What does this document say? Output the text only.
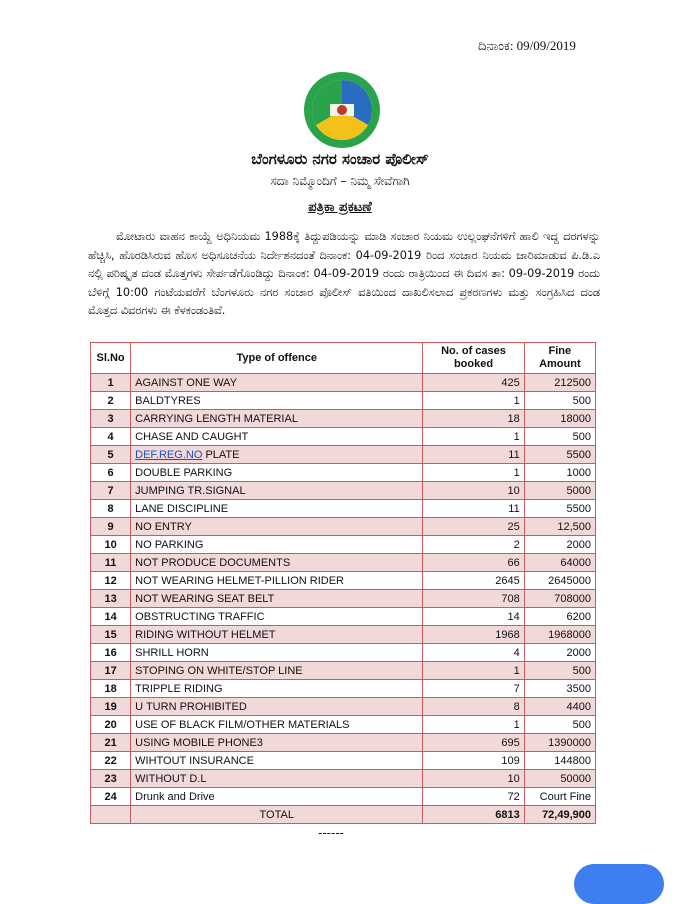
ದಿನಾಂಕ: 09/09/2019
ಬೆಂಗಳೂರು ನಗರ ಸಂಚಾರ ಪೊಲೀಸ್
ಸದಾ ನಿಮ್ಮೊಂದಿಗೆ – ನಿಮ್ಮ ಸೇವೆಗಾಗಿ
ಪತ್ರಿಕಾ ಪ್ರಕಟಣೆ
ಮೋಟಾರು ವಾಹನ ಕಾಯ್ದೆ ಅಧಿನಿಯಮ 1988ಕ್ಕೆ ತಿದ್ದುಪಡಿಯನ್ನು ಮಾಡಿ ಸಂಚಾರ ನಿಯಮ ಉಲ್ಲಂಘನೆಗಳಿಗೆ ಹಾಲಿ ಇದ್ದ ದರಗಳನ್ನು ಹೆಚ್ಚಿಸಿ, ಹೊರಡಿಸಿರುವ ಹೊಸ ಅಧಿಸೂಚನೆಯ ನಿರ್ದೇಶನದಂತೆ ದಿನಾಂಕ: 04-09-2019 ರಿಂದ ಸಂಚಾರ ನಿಯಮ ಜಾರಿಮಾಡುವ ಪಿ.ಡಿ.ಎ ನಲ್ಲಿ ಪರಿಷ್ಕೃತ ದಂಡ ಮೊತ್ತಗಳು ಸೇರ್ಪಡೆಗೊಂಡಿದ್ದು ದಿನಾಂಕ: 04-09-2019 ರಂದು ರಾತ್ರಿಯಿಂದ ಈ ದಿವಸ ತಾ: 09-09-2019 ರಂದು ಬೆಳಿಗ್ಗೆ 10:00 ಗಂಟೆಯವರೆಗೆ ಬೆಂಗಳೂರು ನಗರ ಸಂಚಾರ ಪೊಲೀಸ್ ವತಿಯಿಂದ ದಾಖಲಿಸಲಾದ ಪ್ರಕರಣಗಳು ಮತ್ತು ಸಂಗ್ರಹಿಸಿದ ದಂಡ ಮೊತ್ತದ ವಿವರಗಳು ಈ ಕೆಳಕಂಡಂತಿವೆ.
Sl.No	Type of offence	No. of cases booked	Fine Amount
1	AGAINST ONE WAY	425	212500
2	BALDTYRES	1	500
3	CARRYING LENGTH MATERIAL	18	18000
4	CHASE AND CAUGHT	1	500
5	DEF.REG.NO PLATE	11	5500
6	DOUBLE PARKING	1	1000
7	JUMPING TR.SIGNAL	10	5000
8	LANE DISCIPLINE	11	5500
9	NO ENTRY	25	12,500
10	NO PARKING	2	2000
11	NOT PRODUCE DOCUMENTS	66	64000
12	NOT WEARING HELMET-PILLION RIDER	2645	2645000
13	NOT WEARING SEAT BELT	708	708000
14	OBSTRUCTING TRAFFIC	14	6200
15	RIDING WITHOUT HELMET	1968	1968000
16	SHRILL HORN	4	2000
17	STOPING ON WHITE/STOP LINE	1	500
18	TRIPPLE RIDING	7	3500
19	U TURN PROHIBITED	8	4400
20	USE OF BLACK FILM/OTHER MATERIALS	1	500
21	USING MOBILE PHONE3	695	1390000
22	WIHTOUT INSURANCE	109	144800
23	WITHOUT D.L	10	50000
24	Drunk and Drive	72	Court Fine
	TOTAL	6813	72,49,900
------
